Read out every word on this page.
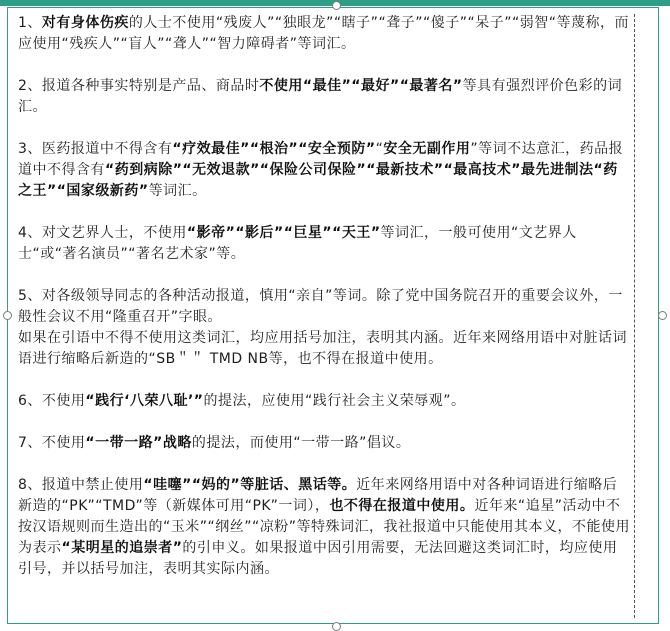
1、对有身体伤疾的人士不使用“残废人”“独眼龙”“瞎子”“聋子”“傻子”“呆子”“弱智“等蔑称，而应使用“残疾人”“盲人”“聋人”“智力障碍者”等词汇。
2、报道各种事实特别是产品、商品时不使用“最佳”“最好”“最著名”等具有强烈评价色彩的词汇。
3、医药报道中不得含有“疗效最佳”“根治”“安全预防”“安全无副作用”等词不达意汇，药品报道中不得含有“药到病除”“无效退款”“保险公司保险”“最新技术”“最高技术”最先进制法“药之王”“国家级新药”等词汇。
4、对文艺界人士，不使用“影帝”“影后”“巨星”“天王”等词汇，一般可使用“文艺界人士“或“著名演员”“著名艺术家”等。
5、对各级领导同志的各种活动报道，慎用“亲自”等词。除了党中国务院召开的重要会议外，一般性会议不用“隆重召开”字眼。
如果在引语中不得不使用这类词汇，均应用括号加注，表明其内涵。近年来网络用语中对脏话词语进行缩略后新造的“SB＂＂ TMD NB等，也不得在报道中使用。
6、不使用“践行‘八荣八耻’”的提法，应使用“践行社会主义荣辱观”。
7、不使用“一带一路”战略的提法，而使用“一带一路”倡议。
8、报道中禁止使用“哇噻”“妈的”等脏话、黑话等。近年来网络用语中对各种词语进行缩略后新造的“PK”“TMD”等（新媒体可用“PK”一词），也不得在报道中使用。近年来“追星”活动中不按汉语规则而生造出的“玉米”“纲丝”“凉粉”等特殊词汇，我社报道中只能使用其本义，不能使用为表示“某明星的追崇者”的引申义。如果报道中因引用需要，无法回避这类词汇时，均应使用引号，并以括号加注，表明其实际内涵。
